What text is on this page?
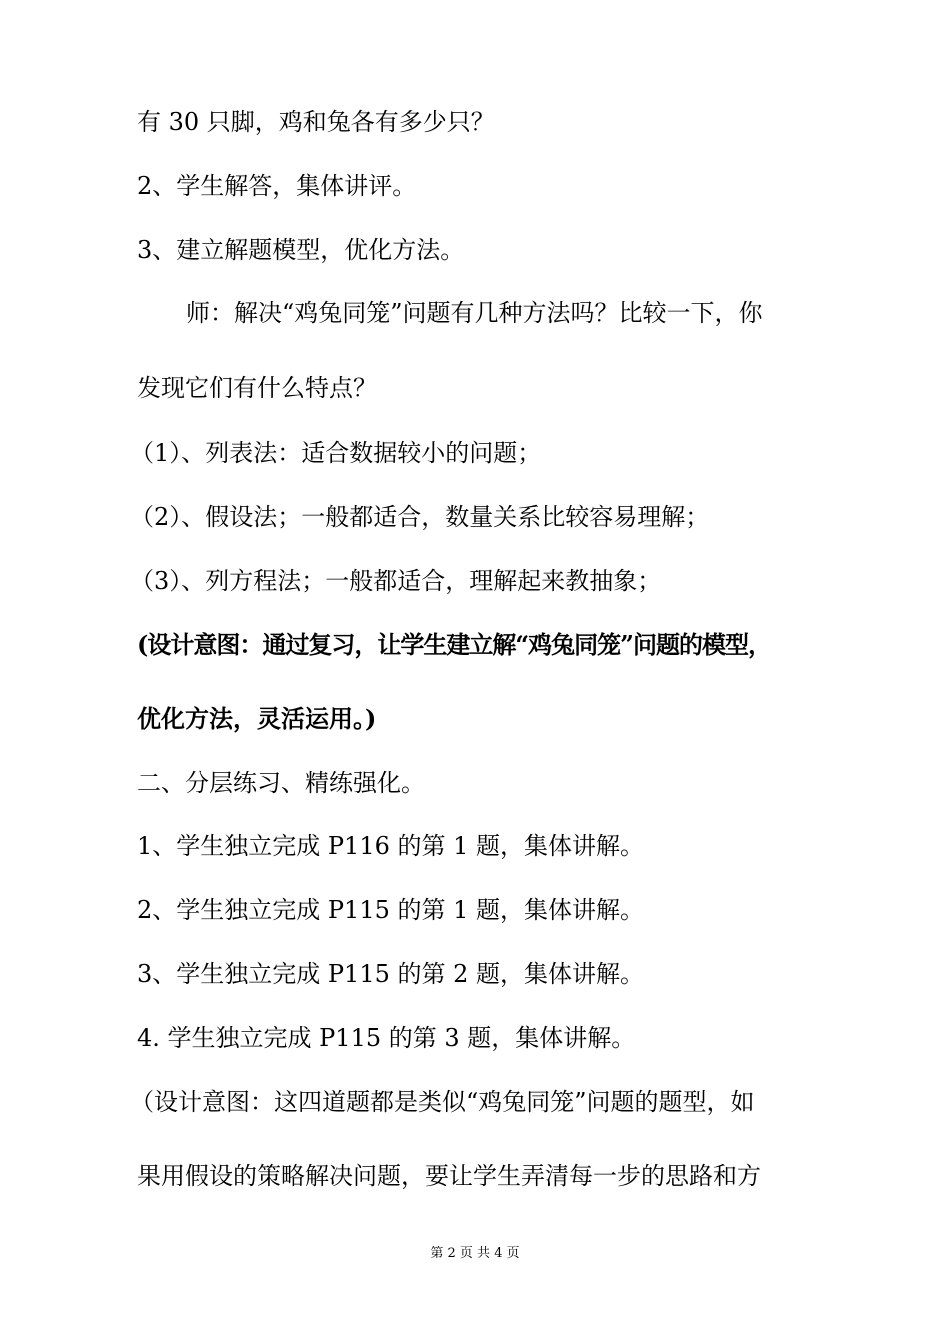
有 30 只脚，鸡和兔各有多少只？
2、学生解答，集体讲评。
3、建立解题模型，优化方法。
师：解决“鸡兔同笼”问题有几种方法吗？比较一下，你
发现它们有什么特点？
（1）、列表法：适合数据较小的问题；
（2）、假设法；一般都适合，数量关系比较容易理解；
（3）、列方程法；一般都适合，理解起来教抽象；
(设计意图：通过复习，让学生建立解“鸡兔同笼”问题的模型，
优化方法，灵活运用。)
二、分层练习、精练强化。
1、学生独立完成 P116 的第 1 题，集体讲解。
2、学生独立完成 P115 的第 1 题，集体讲解。
3、学生独立完成 P115 的第 2 题，集体讲解。
4. 学生独立完成 P115 的第 3 题，集体讲解。
（设计意图：这四道题都是类似“鸡兔同笼”问题的题型，如
果用假设的策略解决问题，要让学生弄清每一步的思路和方
第 2 页 共 4 页
